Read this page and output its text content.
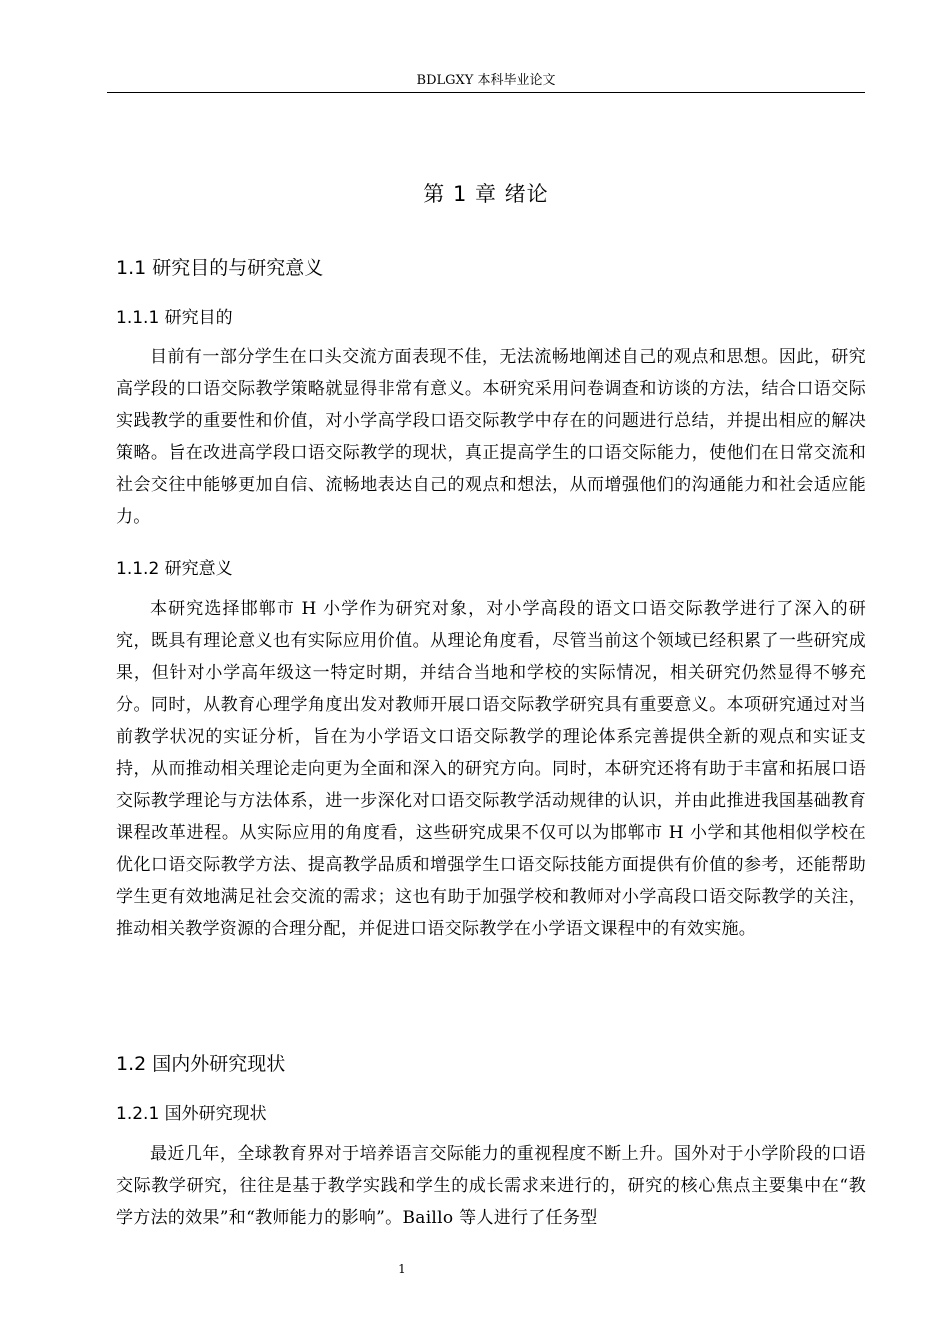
BDLGXY 本科毕业论文
第 1 章 绪论
1.1 研究目的与研究意义
1.1.1 研究目的
目前有一部分学生在口头交流方面表现不佳，无法流畅地阐述自己的观点和思想。因此，研究高学段的口语交际教学策略就显得非常有意义。本研究采用问卷调查和访谈的方法，结合口语交际实践教学的重要性和价值，对小学高学段口语交际教学中存在的问题进行总结，并提出相应的解决策略。旨在改进高学段口语交际教学的现状，真正提高学生的口语交际能力，使他们在日常交流和社会交往中能够更加自信、流畅地表达自己的观点和想法，从而增强他们的沟通能力和社会适应能力。
1.1.2 研究意义
本研究选择邯郸市 H 小学作为研究对象，对小学高段的语文口语交际教学进行了深入的研究，既具有理论意义也有实际应用价值。从理论角度看，尽管当前这个领域已经积累了一些研究成果，但针对小学高年级这一特定时期，并结合当地和学校的实际情况，相关研究仍然显得不够充分。同时，从教育心理学角度出发对教师开展口语交际教学研究具有重要意义。本项研究通过对当前教学状况的实证分析，旨在为小学语文口语交际教学的理论体系完善提供全新的观点和实证支持，从而推动相关理论走向更为全面和深入的研究方向。同时，本研究还将有助于丰富和拓展口语交际教学理论与方法体系，进一步深化对口语交际教学活动规律的认识，并由此推进我国基础教育课程改革进程。从实际应用的角度看，这些研究成果不仅可以为邯郸市 H 小学和其他相似学校在优化口语交际教学方法、提高教学品质和增强学生口语交际技能方面提供有价值的参考，还能帮助学生更有效地满足社会交流的需求；这也有助于加强学校和教师对小学高段口语交际教学的关注，推动相关教学资源的合理分配，并促进口语交际教学在小学语文课程中的有效实施。
1.2 国内外研究现状
1.2.1 国外研究现状
最近几年，全球教育界对于培养语言交际能力的重视程度不断上升。国外对于小学阶段的口语交际教学研究，往往是基于教学实践和学生的成长需求来进行的，研究的核心焦点主要集中在“教学方法的效果”和“教师能力的影响”。Baillo 等人进行了任务型
1
